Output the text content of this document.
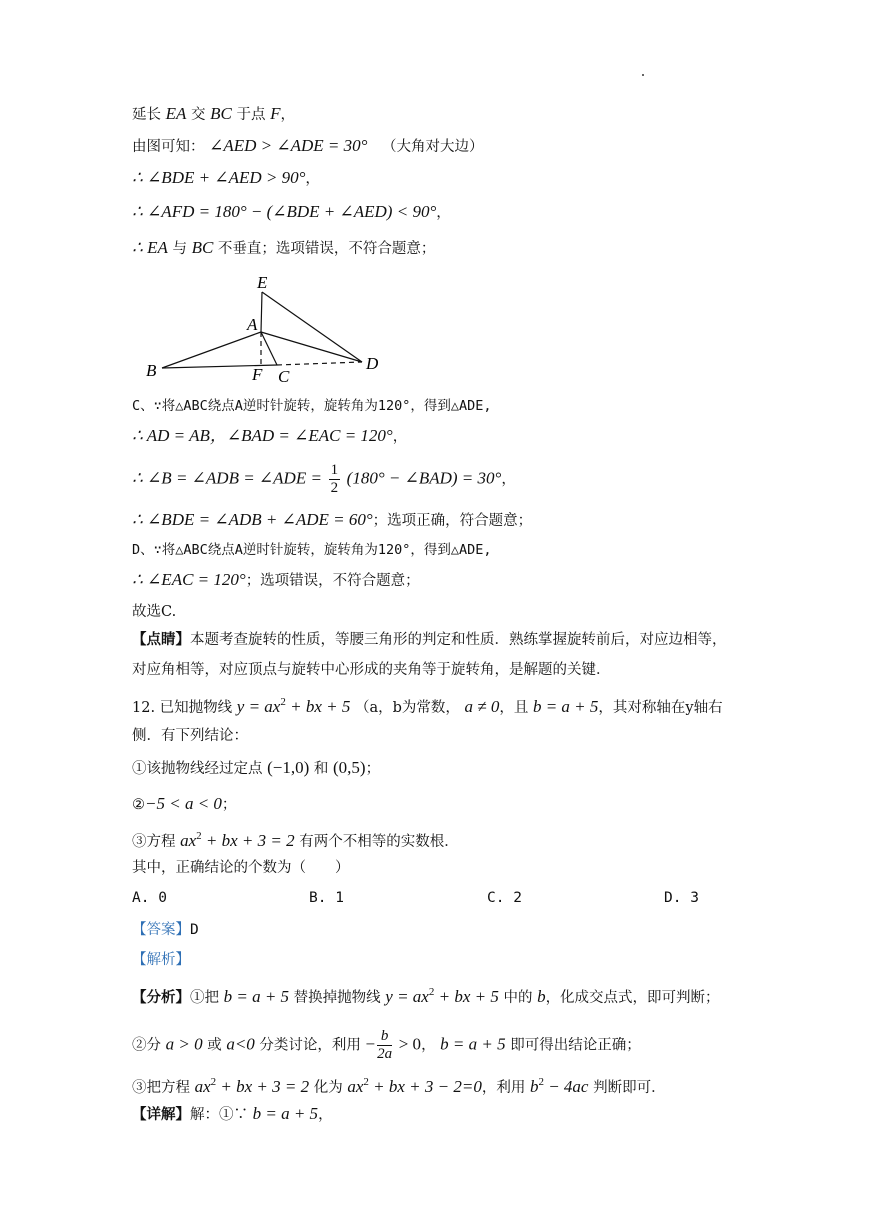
延长 EA 交 BC 于点 F，
由图可知： ∠AED > ∠ADE = 30° （大角对大边）
∴ ∠BDE + ∠AED > 90°，
∴ ∠AFD = 180° − (∠BDE + ∠AED) < 90°，
∴ EA 与 BC 不垂直；选项错误，不符合题意；
E
A
B	F C
D
C、∵将△ABC绕点A逆时针旋转，旋转角为120°，得到△ADE,
∴ AD = AB，∠BAD = ∠EAC = 120°，
∴ ∠B = ∠ADB = ∠ADE = $\frac{1}{2} (180^\circ$ − ∠BAD) = 30°，
∴ ∠BDE = ∠ADB + ∠ADE = 60°；选项正确，符合题意；
D、∵将△ABC绕点A逆时针旋转，旋转角为120°，得到△ADE,
∴ ∠EAC = 120°；选项错误，不符合题意；
故选C.
【点睛】本题考查旋转的性质，等腰三角形的判定和性质．熟练掌握旋转前后，对应边相等，
对应角相等，对应顶点与旋转中心形成的夹角等于旋转角，是解题的关键．
12. 已知抛物线 $y = ax^2$ + bx + 5 （a，b为常数， a ≠ 0，且 b = a + 5，其对称轴在y轴右
侧．有下列结论：
①该抛物线经过定点 (−1,0) 和 (0,5)；
②−5 < a < 0；
③方程 $ax^2$ + bx + 3 = 2 有两个不相等的实数根．
其中，正确结论的个数为（　　）
A. 0	B. 1	C. 2	D. 3
【答案】D
【解析】
【分析】①把 b = a + 5 替换掉抛物线 $y = ax^2$ + bx + 5 中的 b，化成交点式，即可判断；
②分 a > 0 或 a<0 分类讨论，利用 − $\frac{b}{2a} > 0$， b = a + 5 即可得出结论正确；
③把方程 $ax^2$ + bx + 3 = 2 化为 $ax^2$ + bx + 3 − 2=0，利用 $b^2 - 4ac$ 判断即可．
【详解】解：①∵ b = a + 5，
